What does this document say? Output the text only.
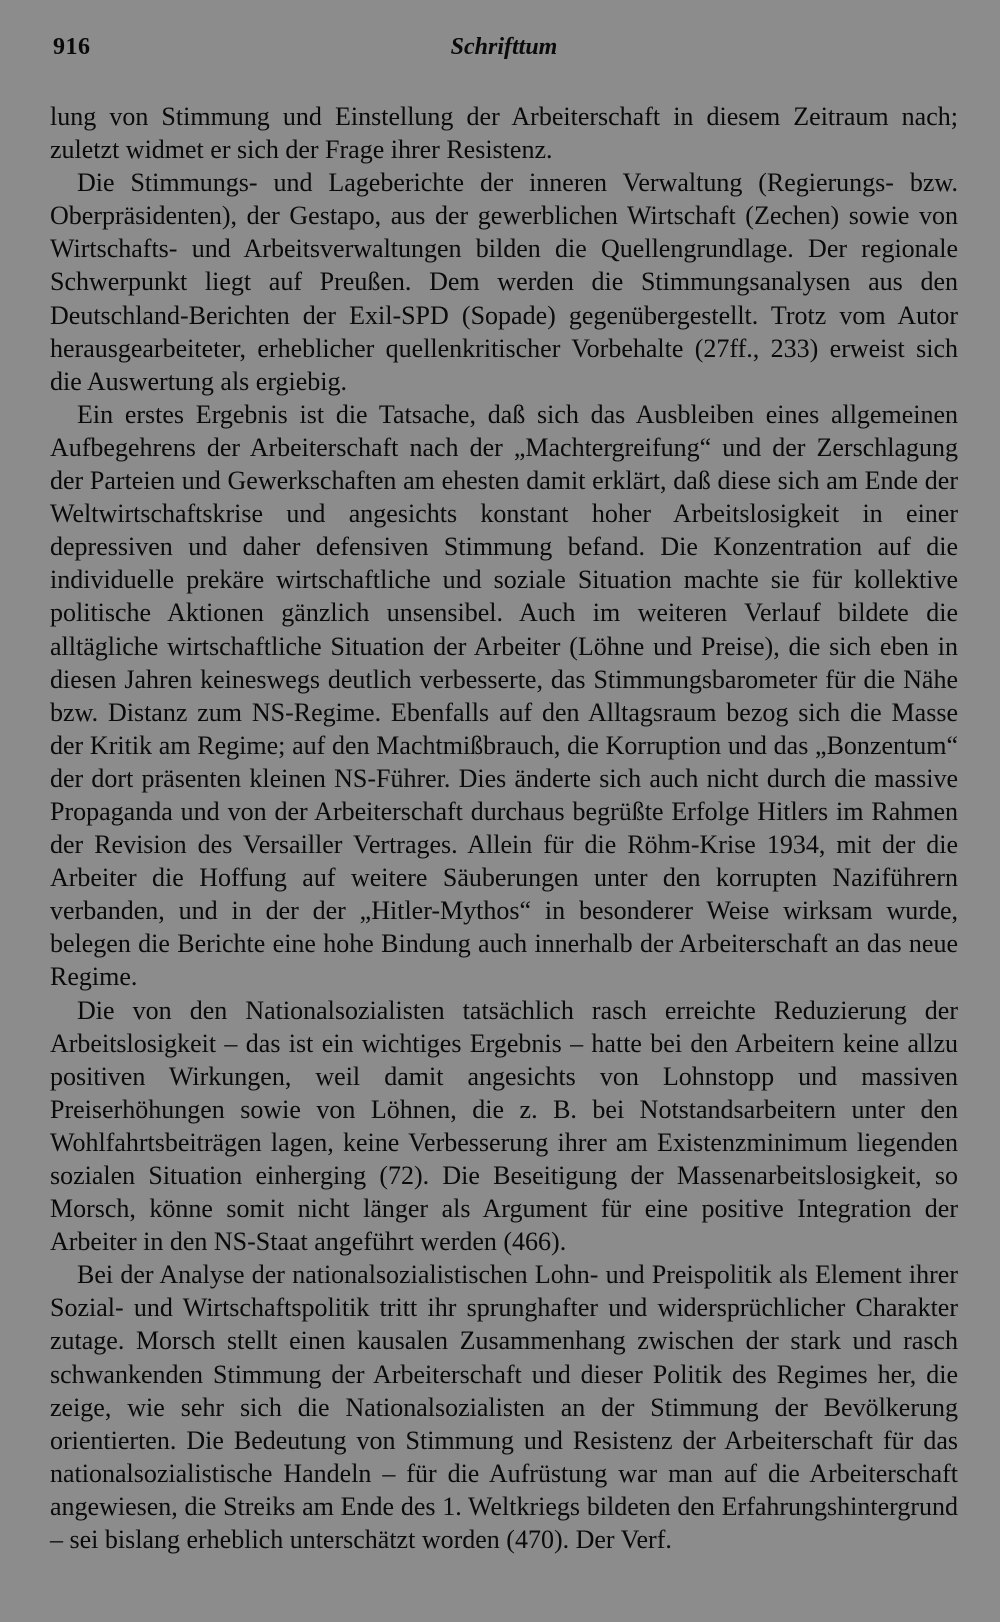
916	Schrifttum

lung von Stimmung und Einstellung der Arbeiterschaft in diesem Zeitraum nach; zuletzt widmet er sich der Frage ihrer Resistenz.

Die Stimmungs- und Lageberichte der inneren Verwaltung (Regierungs- bzw. Oberpräsidenten), der Gestapo, aus der gewerblichen Wirtschaft (Zechen) sowie von Wirtschafts- und Arbeitsverwaltungen bilden die Quellengrundlage. Der regionale Schwerpunkt liegt auf Preußen. Dem werden die Stimmungsanalysen aus den Deutschland-Berichten der Exil-SPD (Sopade) gegenübergestellt. Trotz vom Autor herausgearbeiteter, erheblicher quellenkritischer Vorbehalte (27ff., 233) erweist sich die Auswertung als ergiebig.

Ein erstes Ergebnis ist die Tatsache, daß sich das Ausbleiben eines allgemeinen Aufbegehrens der Arbeiterschaft nach der „Machtergreifung“ und der Zerschlagung der Parteien und Gewerkschaften am ehesten damit erklärt, daß diese sich am Ende der Weltwirtschaftskrise und angesichts konstant hoher Arbeitslosigkeit in einer depressiven und daher defensiven Stimmung befand. Die Konzentration auf die individuelle prekäre wirtschaftliche und soziale Situation machte sie für kollektive politische Aktionen gänzlich unsensibel. Auch im weiteren Verlauf bildete die alltägliche wirtschaftliche Situation der Arbeiter (Löhne und Preise), die sich eben in diesen Jahren keineswegs deutlich verbesserte, das Stimmungsbarometer für die Nähe bzw. Distanz zum NS-Regime. Ebenfalls auf den Alltagsraum bezog sich die Masse der Kritik am Regime; auf den Machtmißbrauch, die Korruption und das „Bonzentum“ der dort präsenten kleinen NS-Führer. Dies änderte sich auch nicht durch die massive Propaganda und von der Arbeiterschaft durchaus begrüßte Erfolge Hitlers im Rahmen der Revision des Versailler Vertrages. Allein für die Röhm-Krise 1934, mit der die Arbeiter die Hoffung auf weitere Säuberungen unter den korrupten Naziführern verbanden, und in der der „Hitler-Mythos“ in besonderer Weise wirksam wurde, belegen die Berichte eine hohe Bindung auch innerhalb der Arbeiterschaft an das neue Regime.

Die von den Nationalsozialisten tatsächlich rasch erreichte Reduzierung der Arbeitslosigkeit – das ist ein wichtiges Ergebnis – hatte bei den Arbeitern keine allzu positiven Wirkungen, weil damit angesichts von Lohnstopp und massiven Preiserhöhungen sowie von Löhnen, die z. B. bei Notstandsarbeitern unter den Wohlfahrtsbeiträgen lagen, keine Verbesserung ihrer am Existenzminimum liegenden sozialen Situation einherging (72). Die Beseitigung der Massenarbeitslosigkeit, so Morsch, könne somit nicht länger als Argument für eine positive Integration der Arbeiter in den NS-Staat angeführt werden (466).

Bei der Analyse der nationalsozialistischen Lohn- und Preispolitik als Element ihrer Sozial- und Wirtschaftspolitik tritt ihr sprunghafter und widersprüchlicher Charakter zutage. Morsch stellt einen kausalen Zusammenhang zwischen der stark und rasch schwankenden Stimmung der Arbeiterschaft und dieser Politik des Regimes her, die zeige, wie sehr sich die Nationalsozialisten an der Stimmung der Bevölkerung orientierten. Die Bedeutung von Stimmung und Resistenz der Arbeiterschaft für das nationalsozialistische Handeln – für die Aufrüstung war man auf die Arbeiterschaft angewiesen, die Streiks am Ende des 1. Weltkriegs bildeten den Erfahrungshintergrund – sei bislang erheblich unterschätzt worden (470). Der Verf.
